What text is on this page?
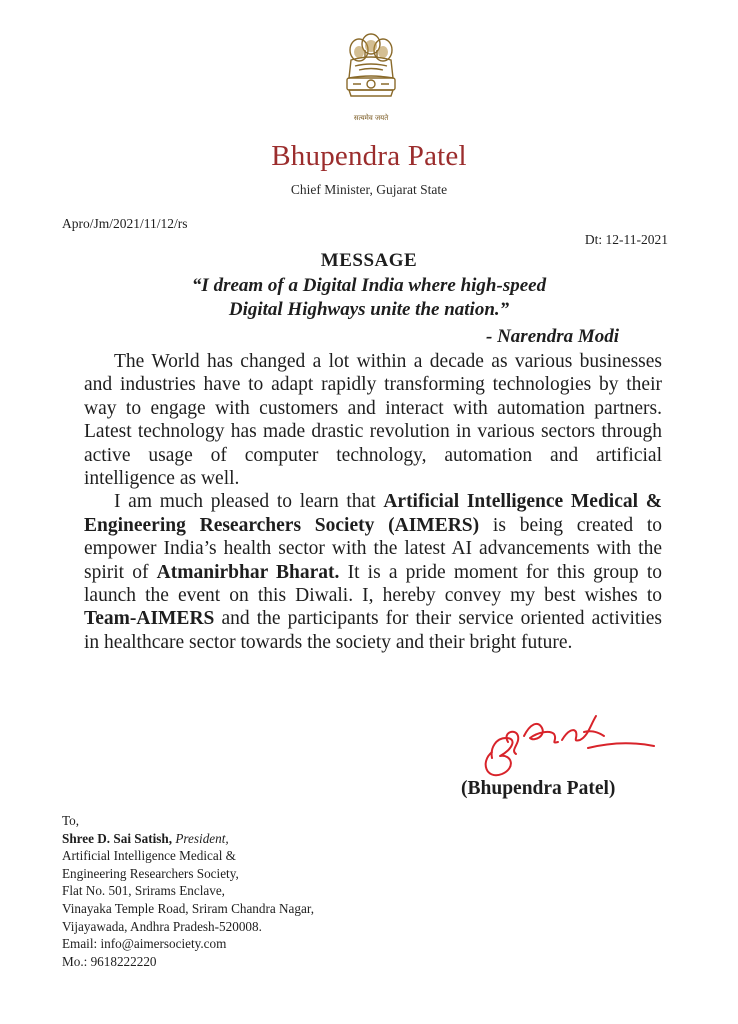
सत्यमेव जयते
Bhupendra Patel
Chief Minister, Gujarat State
Apro/Jm/2021/11/12/rs
Dt: 12-11-2021
MESSAGE
“I dream of a Digital India where high-speed
Digital Highways unite the nation.”
- Narendra Modi

The World has changed a lot within a decade as various businesses and industries have to adapt rapidly transforming technologies by their way to engage with customers and interact with automation partners. Latest technology has made drastic revolution in various sectors through active usage of computer technology, automation and artificial intelligence as well.

I am much pleased to learn that Artificial Intelligence Medical & Engineering Researchers Society (AIMERS) is being created to empower India’s health sector with the latest AI advancements with the spirit of Atmanirbhar Bharat. It is a pride moment for this group to launch the event on this Diwali. I, hereby convey my best wishes to Team-AIMERS and the participants for their service oriented activities in healthcare sector towards the society and their bright future.

B Patel
(Bhupendra Patel)
To,
Shree D. Sai Satish, President,
Artificial Intelligence Medical &
Engineering Researchers Society,
Flat No. 501, Srirams Enclave,
Vinayaka Temple Road, Sriram Chandra Nagar,
Vijayawada, Andhra Pradesh-520008.
Email: info@aimersociety.com
Mo.: 9618222220
